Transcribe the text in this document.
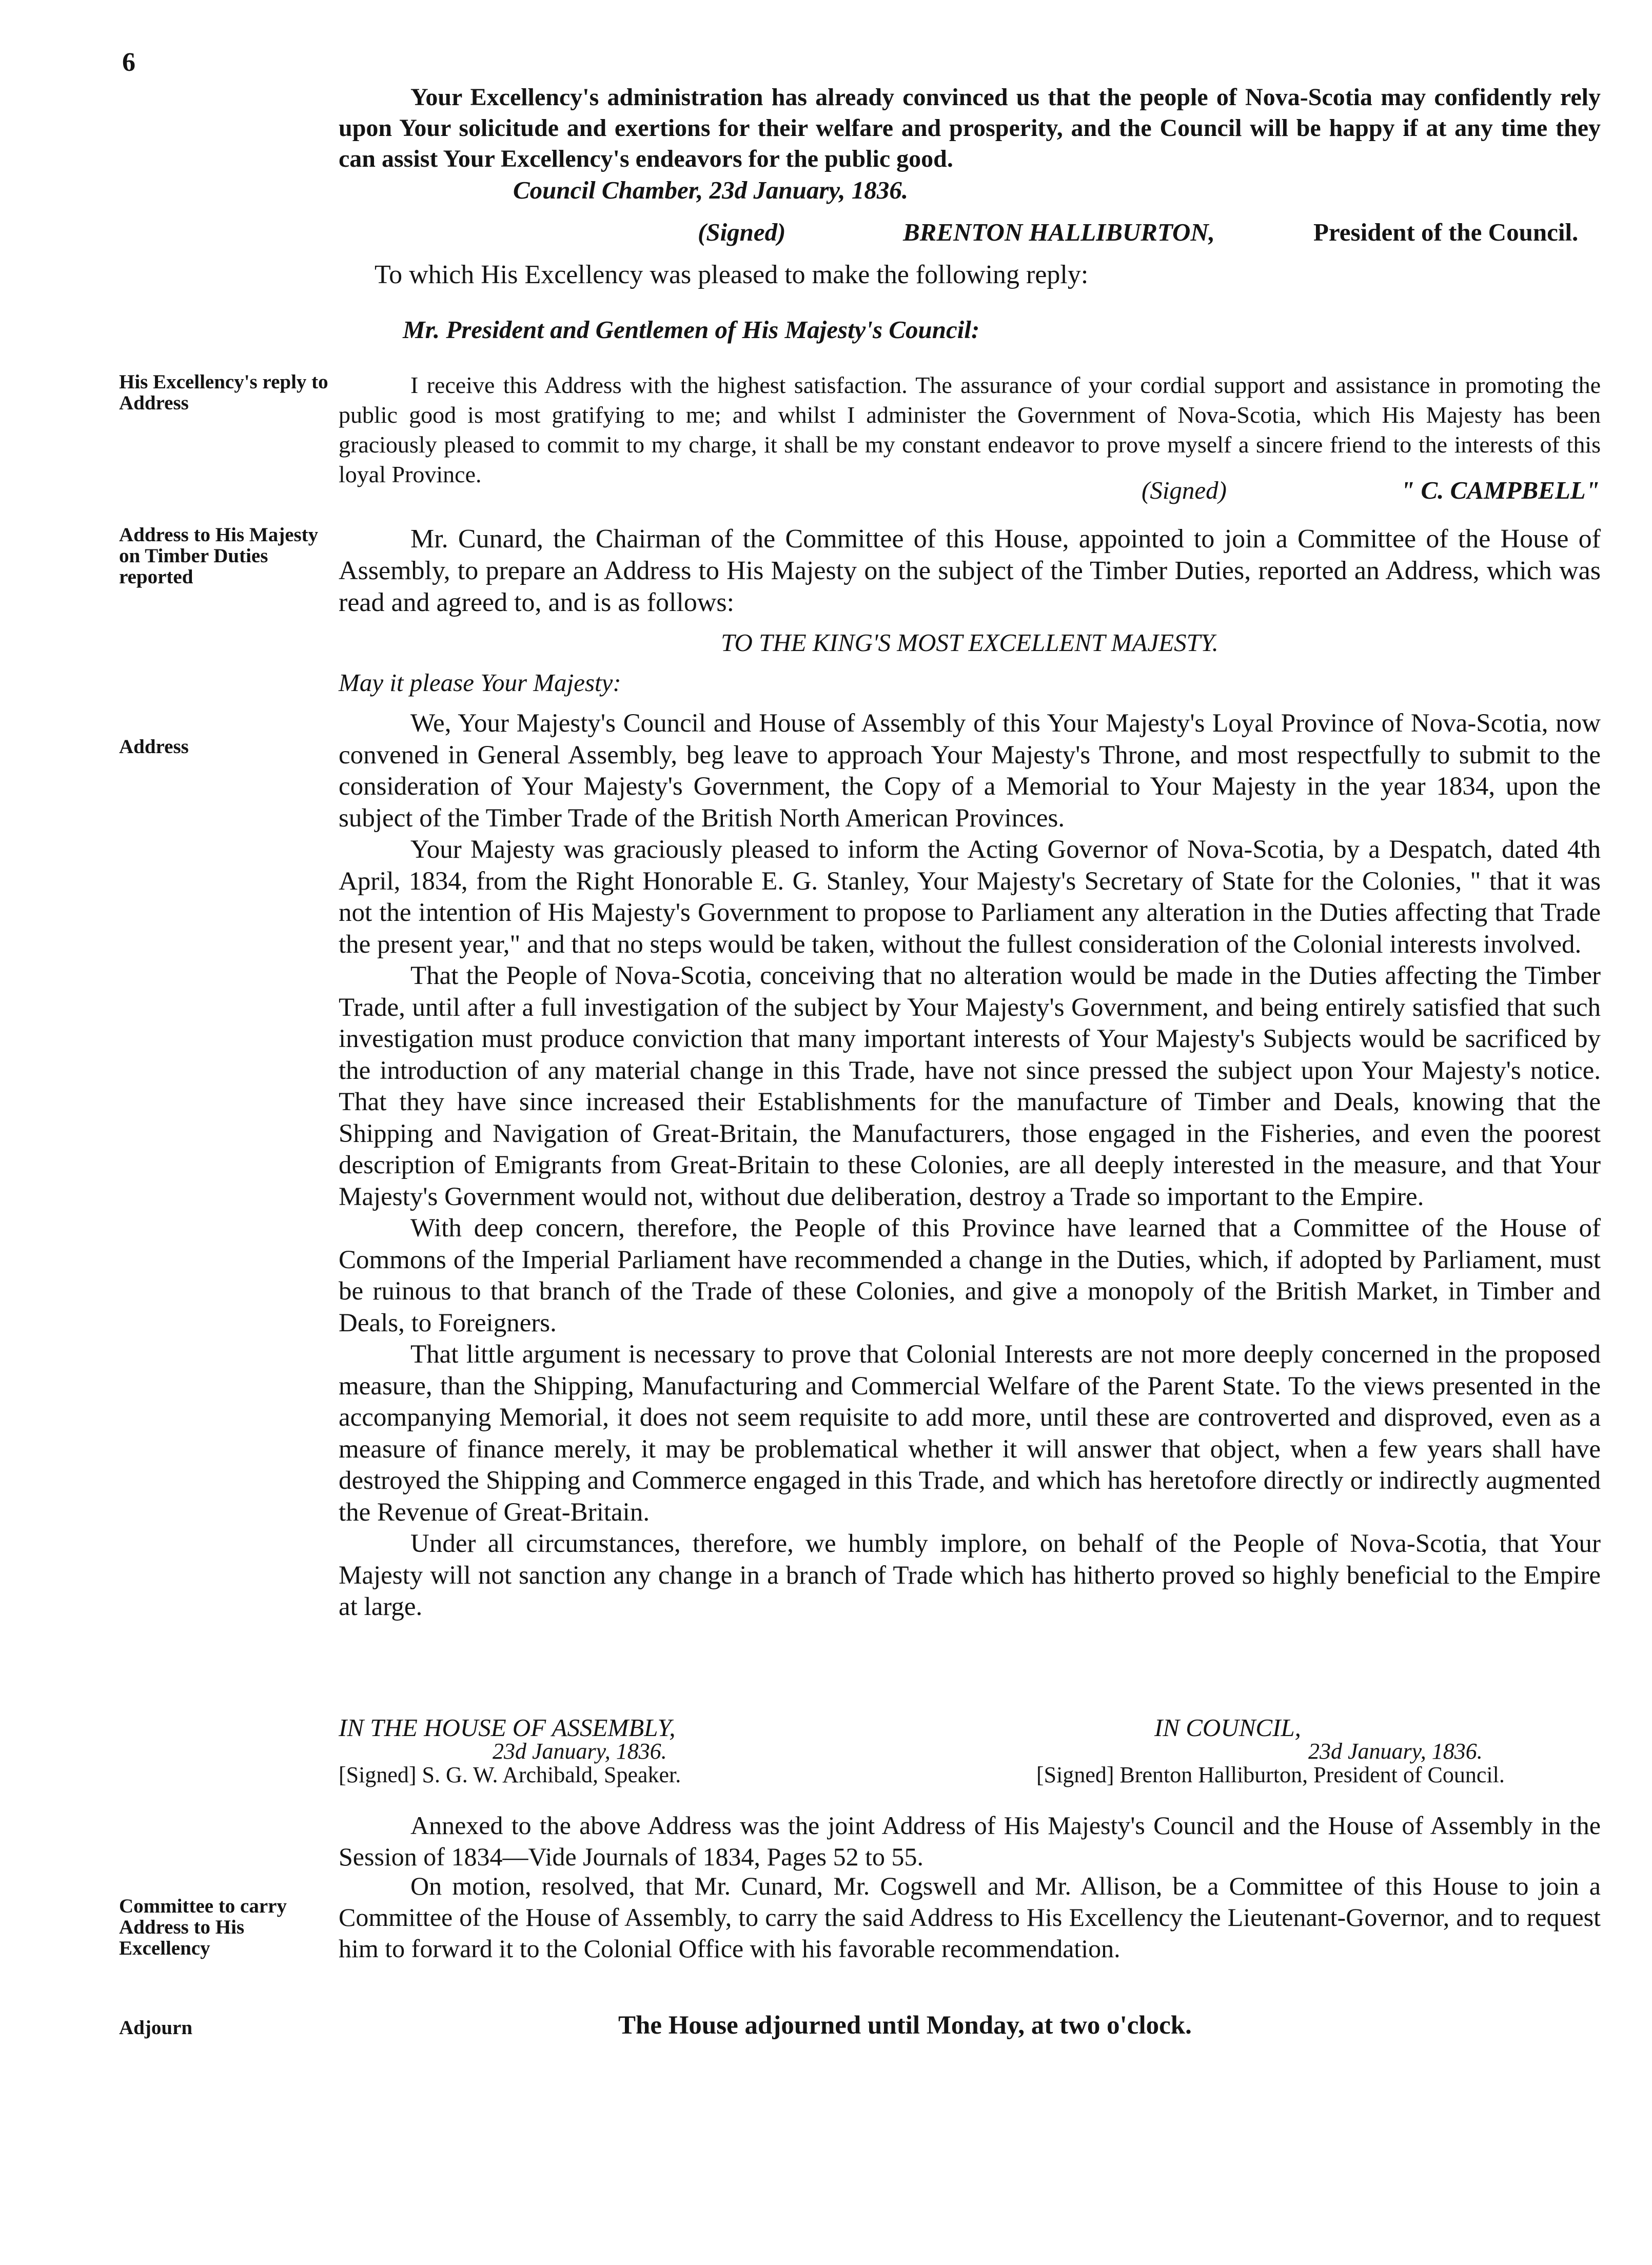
6

Your Excellency's administration has already convinced us that the people of Nova-Scotia may confidently rely upon Your solicitude and exertions for their welfare and prosperity, and the Council will be happy if at any time they can assist Your Excellency's endeavors for the public good.

Council Chamber, 23d January, 1836.

(Signed)	BRENTON HALLIBURTON,	President of the Council.

To which His Excellency was pleased to make the following reply:

Mr. President and Gentlemen of His Majesty's Council:

His Excellency's reply to Address

I receive this Address with the highest satisfaction. The assurance of your cordial support and assistance in promoting the public good is most gratifying to me; and whilst I administer the Government of Nova-Scotia, which His Majesty has been graciously pleased to commit to my charge, it shall be my constant endeavor to prove myself a sincere friend to the interests of this loyal Province.

(Signed)	" C. CAMPBELL"

Address to His Majesty on Timber Duties reported

Mr. Cunard, the Chairman of the Committee of this House, appointed to join a Committee of the House of Assembly, to prepare an Address to His Majesty on the subject of the Timber Duties, reported an Address, which was read and agreed to, and is as follows:

TO THE KING'S MOST EXCELLENT MAJESTY.

May it please Your Majesty:

Address

We, Your Majesty's Council and House of Assembly of this Your Majesty's Loyal Province of Nova-Scotia, now convened in General Assembly, beg leave to approach Your Majesty's Throne, and most respectfully to submit to the consideration of Your Majesty's Government, the Copy of a Memorial to Your Majesty in the year 1834, upon the subject of the Timber Trade of the British North American Provinces.

Your Majesty was graciously pleased to inform the Acting Governor of Nova-Scotia, by a Despatch, dated 4th April, 1834, from the Right Honorable E. G. Stanley, Your Majesty's Secretary of State for the Colonies, " that it was not the intention of His Majesty's Government to propose to Parliament any alteration in the Duties affecting that Trade the present year," and that no steps would be taken, without the fullest consideration of the Colonial interests involved.

That the People of Nova-Scotia, conceiving that no alteration would be made in the Duties affecting the Timber Trade, until after a full investigation of the subject by Your Majesty's Government, and being entirely satisfied that such investigation must produce conviction that many important interests of Your Majesty's Subjects would be sacrificed by the introduction of any material change in this Trade, have not since pressed the subject upon Your Majesty's notice. That they have since increased their Establishments for the manufacture of Timber and Deals, knowing that the Shipping and Navigation of Great-Britain, the Manufacturers, those engaged in the Fisheries, and even the poorest description of Emigrants from Great-Britain to these Colonies, are all deeply interested in the measure, and that Your Majesty's Government would not, without due deliberation, destroy a Trade so important to the Empire.

With deep concern, therefore, the People of this Province have learned that a Committee of the House of Commons of the Imperial Parliament have recommended a change in the Duties, which, if adopted by Parliament, must be ruinous to that branch of the Trade of these Colonies, and give a monopoly of the British Market, in Timber and Deals, to Foreigners.

That little argument is necessary to prove that Colonial Interests are not more deeply concerned in the proposed measure, than the Shipping, Manufacturing and Commercial Welfare of the Parent State. To the views presented in the accompanying Memorial, it does not seem requisite to add more, until these are controverted and disproved, even as a measure of finance merely, it may be problematical whether it will answer that object, when a few years shall have destroyed the Shipping and Commerce engaged in this Trade, and which has heretofore directly or indirectly augmented the Revenue of Great-Britain.

Under all circumstances, therefore, we humbly implore, on behalf of the People of Nova-Scotia, that Your Majesty will not sanction any change in a branch of Trade which has hitherto proved so highly beneficial to the Empire at large.

IN THE HOUSE OF ASSEMBLY,
23d January, 1836.
[Signed] S. G. W. Archibald, Speaker.
IN COUNCIL,
23d January, 1836.
[Signed] Brenton Halliburton, President of Council.

Annexed to the above Address was the joint Address of His Majesty's Council and the House of Assembly in the Session of 1834—Vide Journals of 1834, Pages 52 to 55.

Committee to carry Address to His Excellency

On motion, resolved, that Mr. Cunard, Mr. Cogswell and Mr. Allison, be a Committee of this House to join a Committee of the House of Assembly, to carry the said Address to His Excellency the Lieutenant-Governor, and to request him to forward it to the Colonial Office with his favorable recommendation.

Adjourn	The House adjourned until Monday, at two o'clock.
